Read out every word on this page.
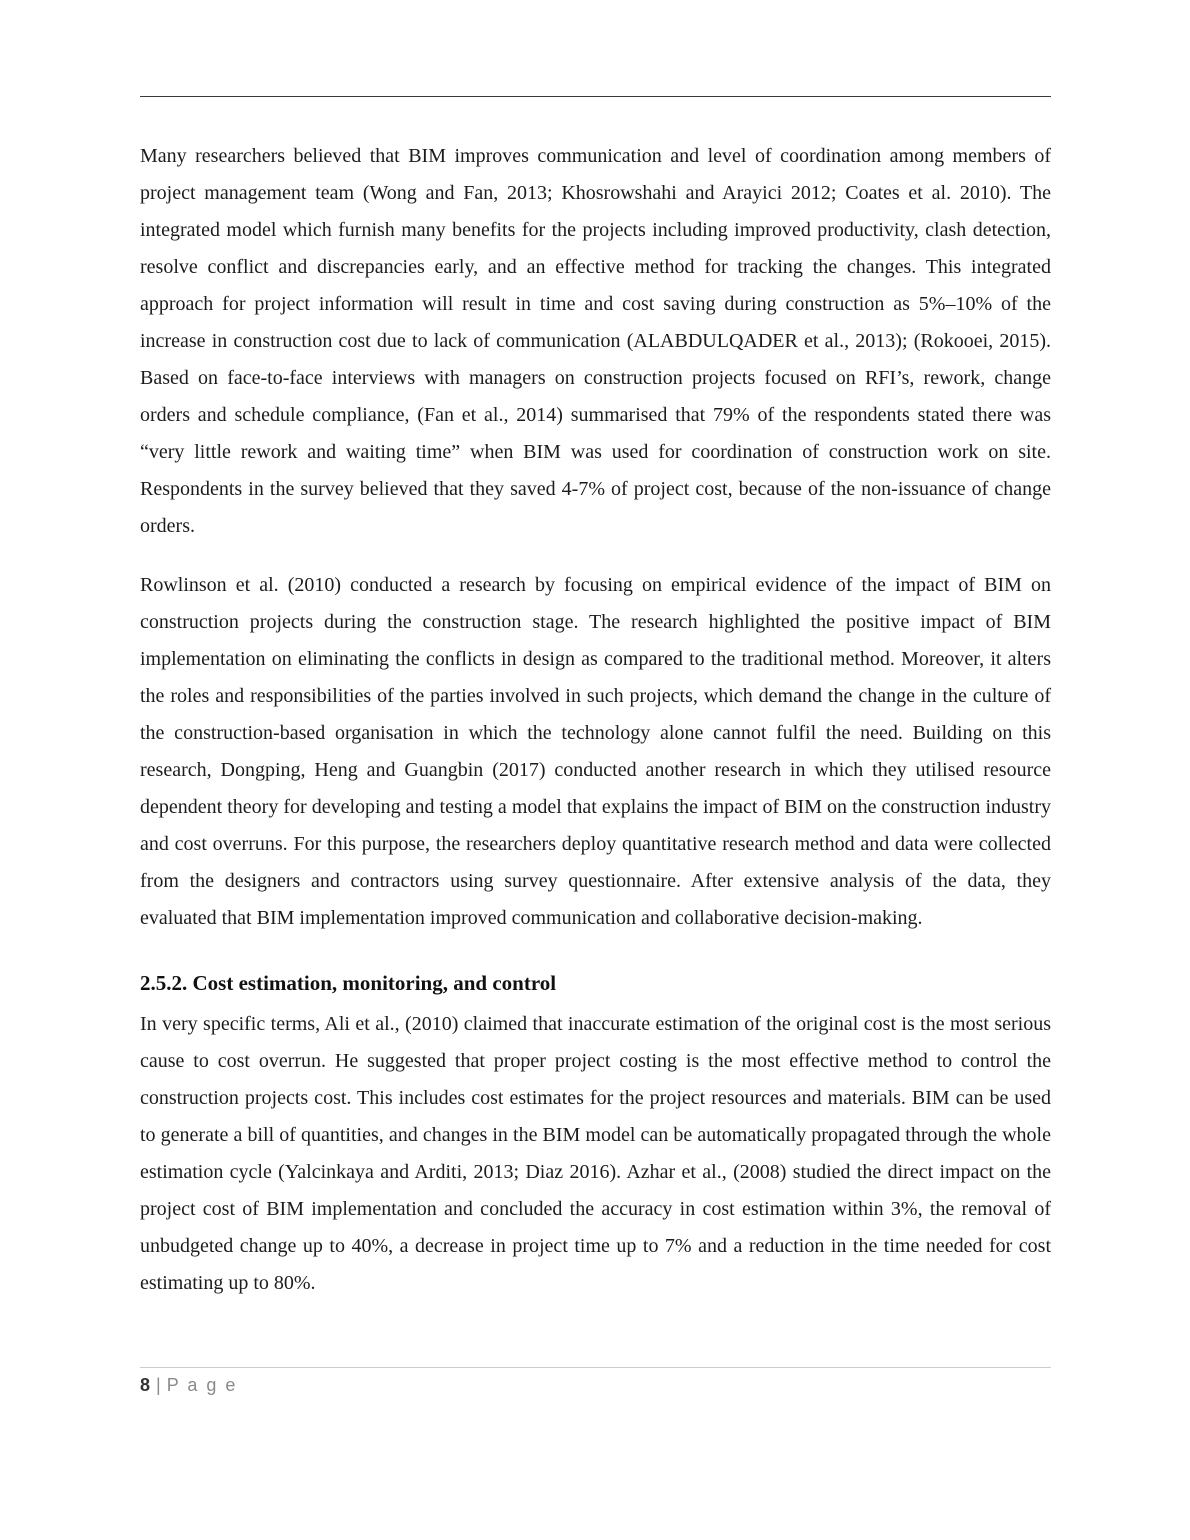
Many researchers believed that BIM improves communication and level of coordination among members of project management team (Wong and Fan, 2013; Khosrowshahi and Arayici 2012; Coates et al. 2010). The integrated model which furnish many benefits for the projects including improved productivity, clash detection, resolve conflict and discrepancies early, and an effective method for tracking the changes. This integrated approach for project information will result in time and cost saving during construction as 5%–10% of the increase in construction cost due to lack of communication (ALABDULQADER et al., 2013); (Rokooei, 2015). Based on face-to-face interviews with managers on construction projects focused on RFI’s, rework, change orders and schedule compliance, (Fan et al., 2014) summarised that 79% of the respondents stated there was “very little rework and waiting time” when BIM was used for coordination of construction work on site. Respondents in the survey believed that they saved 4-7% of project cost, because of the non-issuance of change orders.

Rowlinson et al. (2010) conducted a research by focusing on empirical evidence of the impact of BIM on construction projects during the construction stage. The research highlighted the positive impact of BIM implementation on eliminating the conflicts in design as compared to the traditional method. Moreover, it alters the roles and responsibilities of the parties involved in such projects, which demand the change in the culture of the construction-based organisation in which the technology alone cannot fulfil the need. Building on this research, Dongping, Heng and Guangbin (2017) conducted another research in which they utilised resource dependent theory for developing and testing a model that explains the impact of BIM on the construction industry and cost overruns. For this purpose, the researchers deploy quantitative research method and data were collected from the designers and contractors using survey questionnaire. After extensive analysis of the data, they evaluated that BIM implementation improved communication and collaborative decision-making.

2.5.2. Cost estimation, monitoring, and control

In very specific terms, Ali et al., (2010) claimed that inaccurate estimation of the original cost is the most serious cause to cost overrun. He suggested that proper project costing is the most effective method to control the construction projects cost. This includes cost estimates for the project resources and materials. BIM can be used to generate a bill of quantities, and changes in the BIM model can be automatically propagated through the whole estimation cycle (Yalcinkaya and Arditi, 2013; Diaz 2016). Azhar et al., (2008) studied the direct impact on the project cost of BIM implementation and concluded the accuracy in cost estimation within 3%, the removal of unbudgeted change up to 40%, a decrease in project time up to 7% and a reduction in the time needed for cost estimating up to 80%.

8 | P a g e
